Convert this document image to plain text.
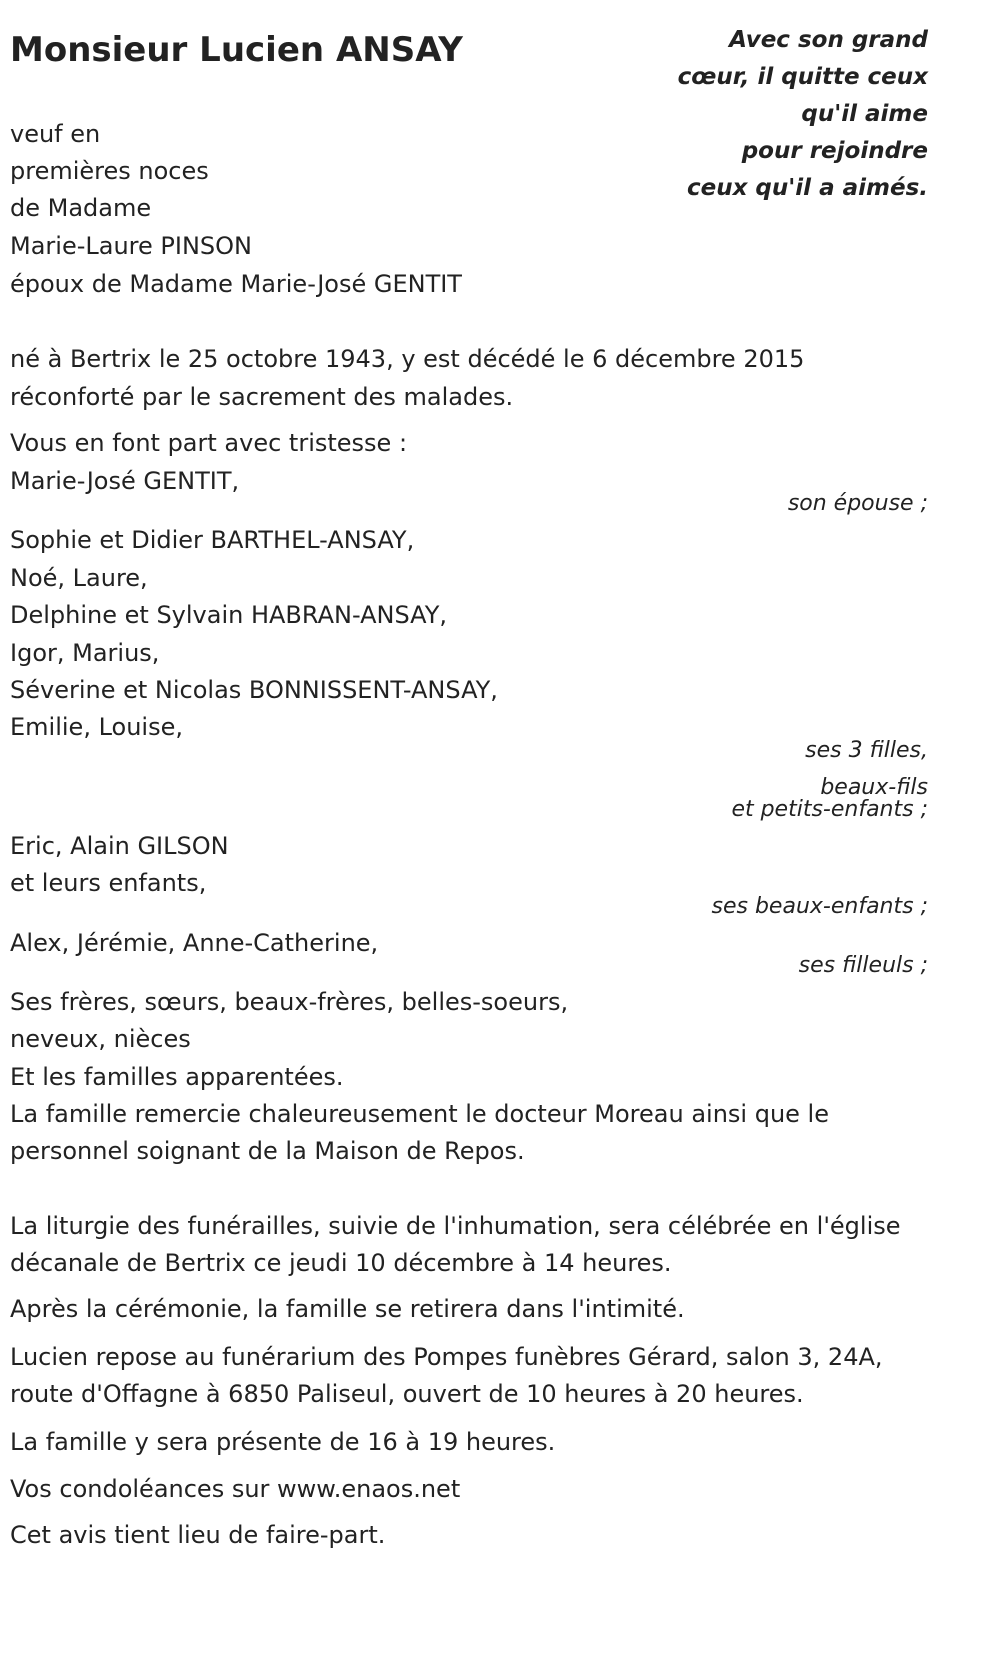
Monsieur Lucien ANSAY	Avec son grand
cœur, il quitte ceux
qu'il aime
pour rejoindre
ceux qu'il a aimés.
veuf en
premières noces
de Madame
Marie-Laure PINSON
époux de Madame Marie-José GENTIT
né à Bertrix le 25 octobre 1943, y est décédé le 6 décembre 2015
réconforté par le sacrement des malades.
Vous en font part avec tristesse :
Marie-José GENTIT,
son épouse ;
Sophie et Didier BARTHEL-ANSAY,
Noé, Laure,
Delphine et Sylvain HABRAN-ANSAY,
Igor, Marius,
Séverine et Nicolas BONNISSENT-ANSAY,
Emilie, Louise,
ses 3 filles,
beaux-fils
et petits-enfants ;
Eric, Alain GILSON
et leurs enfants,
ses beaux-enfants ;
Alex, Jérémie, Anne-Catherine,
ses filleuls ;
Ses frères, sœurs, beaux-frères, belles-soeurs,
neveux, nièces
Et les familles apparentées.
La famille remercie chaleureusement le docteur Moreau ainsi que le
personnel soignant de la Maison de Repos.
La liturgie des funérailles, suivie de l'inhumation, sera célébrée en l'église
décanale de Bertrix ce jeudi 10 décembre à 14 heures.
Après la cérémonie, la famille se retirera dans l'intimité.
Lucien repose au funérarium des Pompes funèbres Gérard, salon 3, 24A,
route d'Offagne à 6850 Paliseul, ouvert de 10 heures à 20 heures.
La famille y sera présente de 16 à 19 heures.
Vos condoléances sur www.enaos.net
Cet avis tient lieu de faire-part.
